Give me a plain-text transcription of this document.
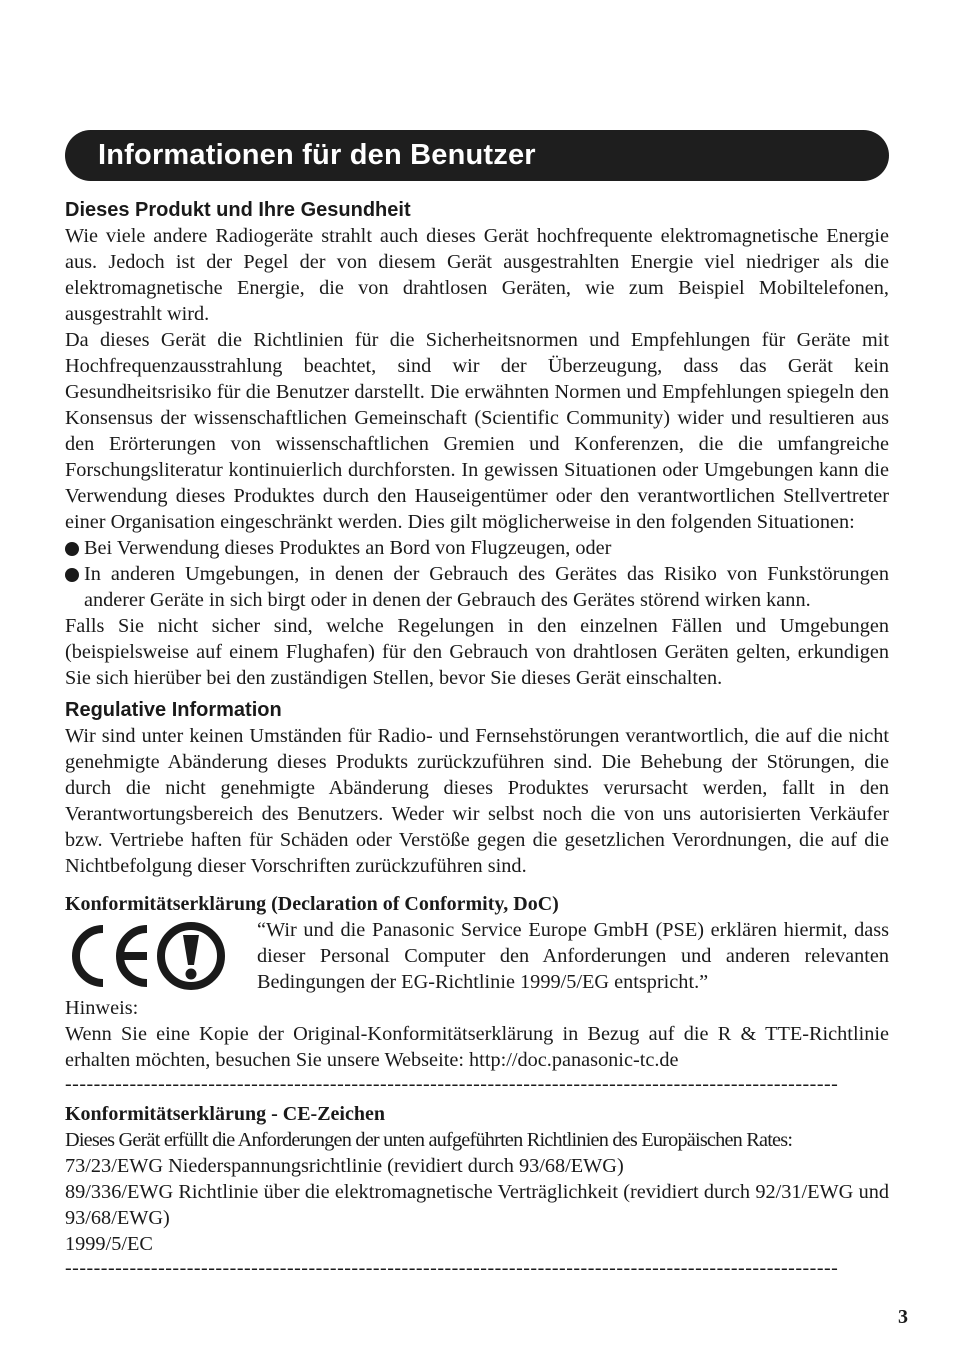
Informationen für den Benutzer
Dieses Produkt und Ihre Gesundheit

Wie viele andere Radiogeräte strahlt auch dieses Gerät hochfrequente elektromagnetische Energie aus. Jedoch ist der Pegel der von diesem Gerät ausgestrahlten Energie viel niedriger als die elektromagnetische Energie, die von drahtlosen Geräten, wie zum Beispiel Mobiltelefonen, ausgestrahlt wird.

Da dieses Gerät die Richtlinien für die Sicherheitsnormen und Empfehlungen für Geräte mit Hochfrequenzausstrahlung beachtet, sind wir der Überzeugung, dass das Gerät kein Gesundheitsrisiko für die Benutzer darstellt. Die erwähnten Normen und Empfehlungen spiegeln den Konsensus der wissenschaftlichen Gemeinschaft (Scientific Community) wider und resultieren aus den Erörterungen von wissenschaftlichen Gremien und Konferenzen, die die umfangreiche Forschungsliteratur kontinuierlich durchforsten. In gewissen Situationen oder Umgebungen kann die Verwendung dieses Produktes durch den Hauseigentümer oder den verantwortlichen Stellvertreter einer Organisation eingeschränkt werden. Dies gilt möglicherweise in den folgenden Situationen:

Bei Verwendung dieses Produktes an Bord von Flugzeugen, oder
In anderen Umgebungen, in denen der Gebrauch des Gerätes das Risiko von Funkstörungen anderer Geräte in sich birgt oder in denen der Gebrauch des Gerätes störend wirken kann.

Falls Sie nicht sicher sind, welche Regelungen in den einzelnen Fällen und Umgebungen (beispielsweise auf einem Flughafen) für den Gebrauch von drahtlosen Geräten gelten, erkundigen Sie sich hierüber bei den zuständigen Stellen, bevor Sie dieses Gerät einschalten.

Regulative Information

Wir sind unter keinen Umständen für Radio- und Fernsehstörungen verantwortlich, die auf die nicht genehmigte Abänderung dieses Produkts zurückzuführen sind. Die Behebung der Störungen, die durch die nicht genehmigte Abänderung dieses Produktes verursacht werden, fallt in den Verantwortungsbereich des Benutzers. Weder wir selbst noch die von uns autorisierten Verkäufer bzw. Vertriebe haften für Schäden oder Verstöße gegen die gesetzlichen Verordnungen, die auf die Nichtbefolgung dieser Vorschriften zurückzuführen sind.

Konformitätserklärung (Declaration of Conformity, DoC)
“Wir und die Panasonic Service Europe GmbH (PSE) erklären hiermit, dass dieser Personal Computer den Anforderungen und anderen relevanten Bedingungen der EG-Richtlinie 1999/5/EG entspricht.”

Hinweis:

Wenn Sie eine Kopie der Original-Konformitätserklärung in Bezug auf die R & TTE-Richtlinie erhalten möchten, besuchen Sie unsere Webseite: http://doc.panasonic-tc.de

------------------------------------------------------------------------------------------------------------
Konformitätserklärung - CE-Zeichen

Dieses Gerät erfüllt die Anforderungen der unten aufgeführten Richtlinien des Europäischen Rates:

73/23/EWG Niederspannungsrichtlinie (revidiert durch 93/68/EWG)

89/336/EWG Richtlinie über die elektromagnetische Verträglichkeit (revidiert durch 92/31/EWG und 93/68/EWG)

1999/5/EC

------------------------------------------------------------------------------------------------------------
3
